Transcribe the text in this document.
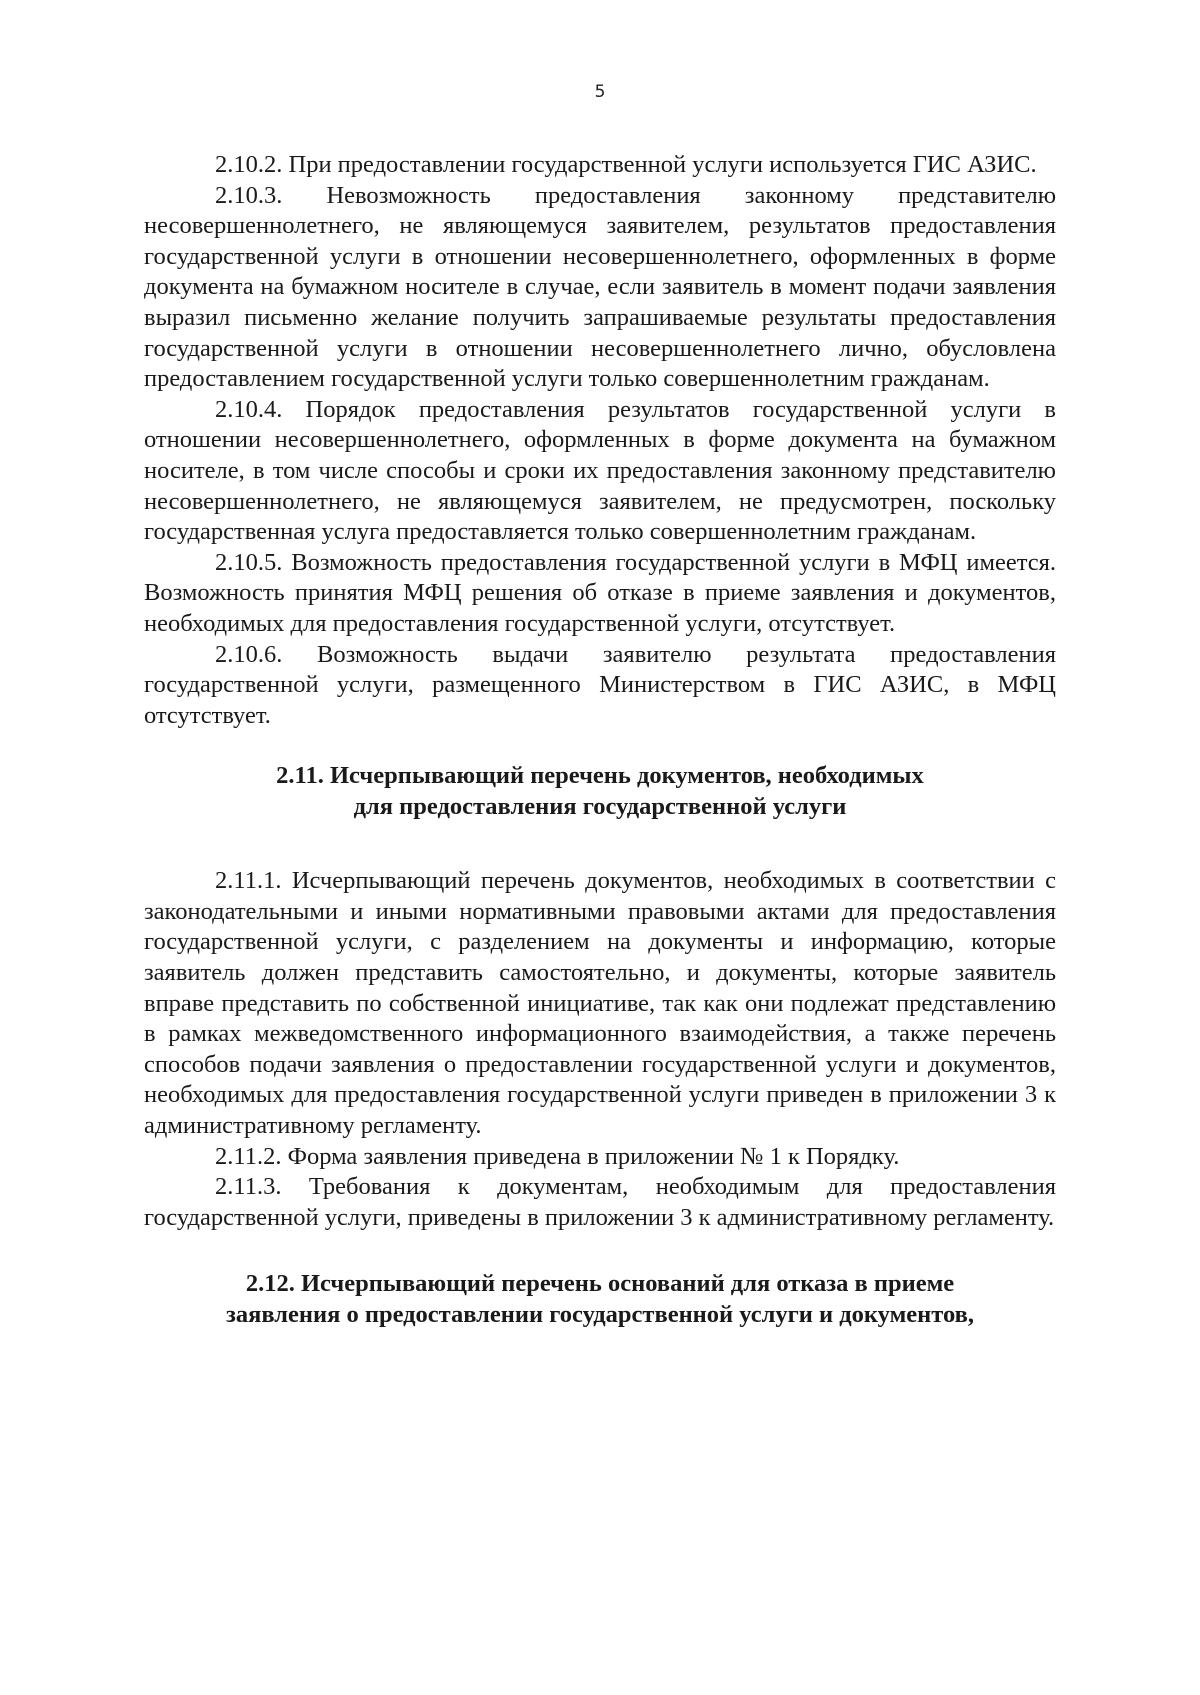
5

2.10.2. При предоставлении государственной услуги используется ГИС АЗИС.

2.10.3. Невозможность предоставления законному представителю несовершеннолетнего, не являющемуся заявителем, результатов предоставления государственной услуги в отношении несовершеннолетнего, оформленных в форме документа на бумажном носителе в случае, если заявитель в момент подачи заявления выразил письменно желание получить запрашиваемые результаты предоставления государственной услуги в отношении несовершеннолетнего лично, обусловлена предоставлением государственной услуги только совершеннолетним гражданам.

2.10.4. Порядок предоставления результатов государственной услуги в отношении несовершеннолетнего, оформленных в форме документа на бумажном носителе, в том числе способы и сроки их предоставления законному представителю несовершеннолетнего, не являющемуся заявителем, не предусмотрен, поскольку государственная услуга предоставляется только совершеннолетним гражданам.

2.10.5. Возможность предоставления государственной услуги в МФЦ имеется. Возможность принятия МФЦ решения об отказе в приеме заявления и документов, необходимых для предоставления государственной услуги, отсутствует.

2.10.6. Возможность выдачи заявителю результата предоставления государственной услуги, размещенного Министерством в ГИС АЗИС, в МФЦ отсутствует.

2.11. Исчерпывающий перечень документов, необходимых
для предоставления государственной услуги

2.11.1. Исчерпывающий перечень документов, необходимых в соответствии с законодательными и иными нормативными правовыми актами для предоставления государственной услуги, с разделением на документы и информацию, которые заявитель должен представить самостоятельно, и документы, которые заявитель вправе представить по собственной инициативе, так как они подлежат представлению в рамках межведомственного информационного взаимодействия, а также перечень способов подачи заявления о предоставлении государственной услуги и документов, необходимых для предоставления государственной услуги приведен в приложении 3 к административному регламенту.

2.11.2. Форма заявления приведена в приложении № 1 к Порядку.

2.11.3. Требования к документам, необходимым для предоставления государственной услуги, приведены в приложении 3 к административному регламенту.

2.12. Исчерпывающий перечень оснований для отказа в приеме
заявления о предоставлении государственной услуги и документов,
